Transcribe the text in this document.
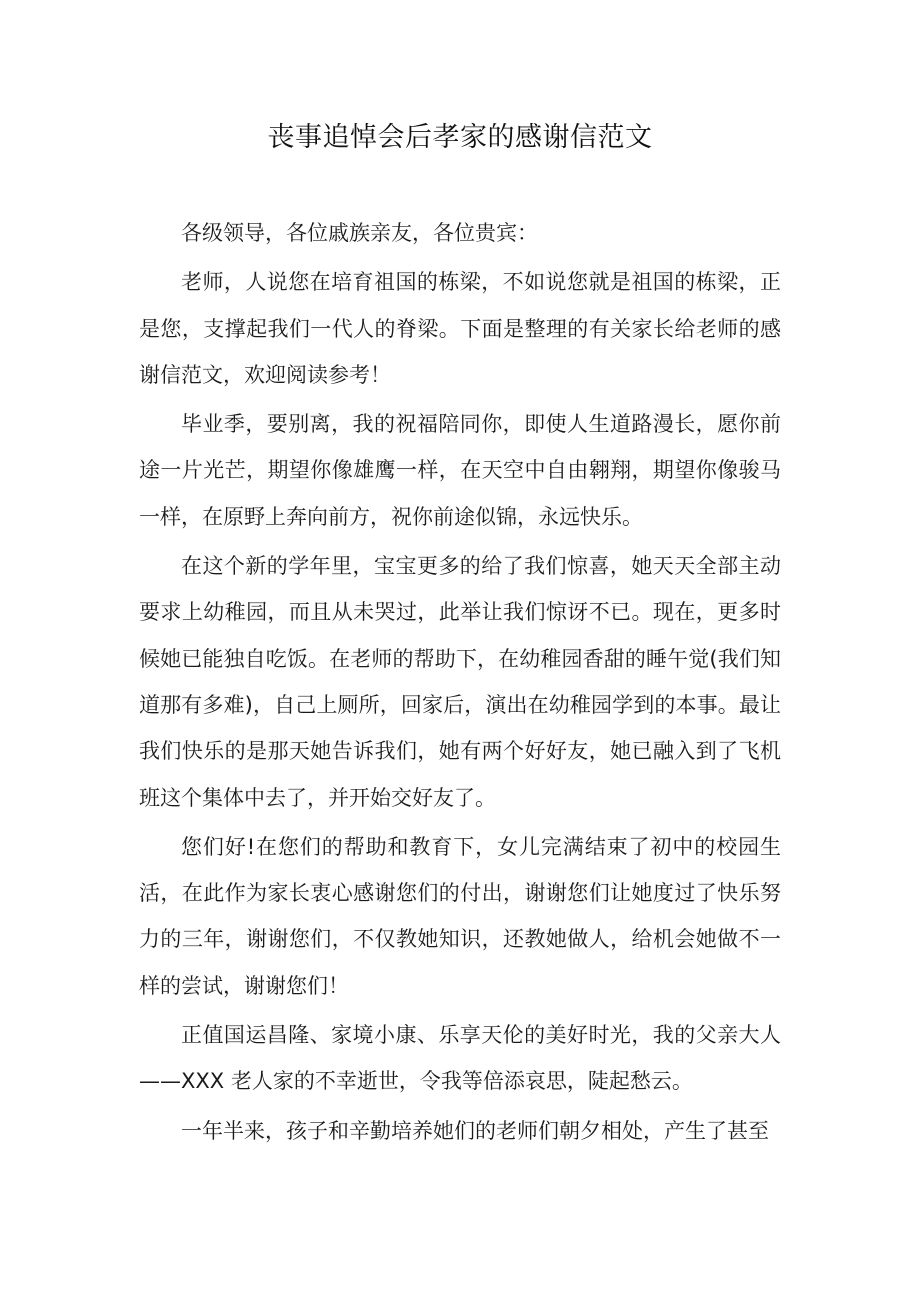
丧事追悼会后孝家的感谢信范文

各级领导，各位戚族亲友，各位贵宾：

老师，人说您在培育祖国的栋梁，不如说您就是祖国的栋梁，正是您，支撑起我们一代人的脊梁。下面是整理的有关家长给老师的感谢信范文，欢迎阅读参考！

毕业季，要别离，我的祝福陪同你，即使人生道路漫长，愿你前途一片光芒，期望你像雄鹰一样，在天空中自由翱翔，期望你像骏马一样，在原野上奔向前方，祝你前途似锦，永远快乐。

在这个新的学年里，宝宝更多的给了我们惊喜，她天天全部主动要求上幼稚园，而且从未哭过，此举让我们惊讶不已。现在，更多时候她已能独自吃饭。在老师的帮助下，在幼稚园香甜的睡午觉(我们知道那有多难)，自己上厕所，回家后，演出在幼稚园学到的本事。最让我们快乐的是那天她告诉我们，她有两个好好友，她已融入到了飞机班这个集体中去了，并开始交好友了。

您们好!在您们的帮助和教育下，女儿完满结束了初中的校园生活，在此作为家长衷心感谢您们的付出，谢谢您们让她度过了快乐努力的三年，谢谢您们，不仅教她知识，还教她做人，给机会她做不一样的尝试，谢谢您们！

正值国运昌隆、家境小康、乐享天伦的美好时光，我的父亲大人——XXX 老人家的不幸逝世，令我等倍添哀思，陡起愁云。

一年半来，孩子和辛勤培养她们的老师们朝夕相处，产生了甚至
